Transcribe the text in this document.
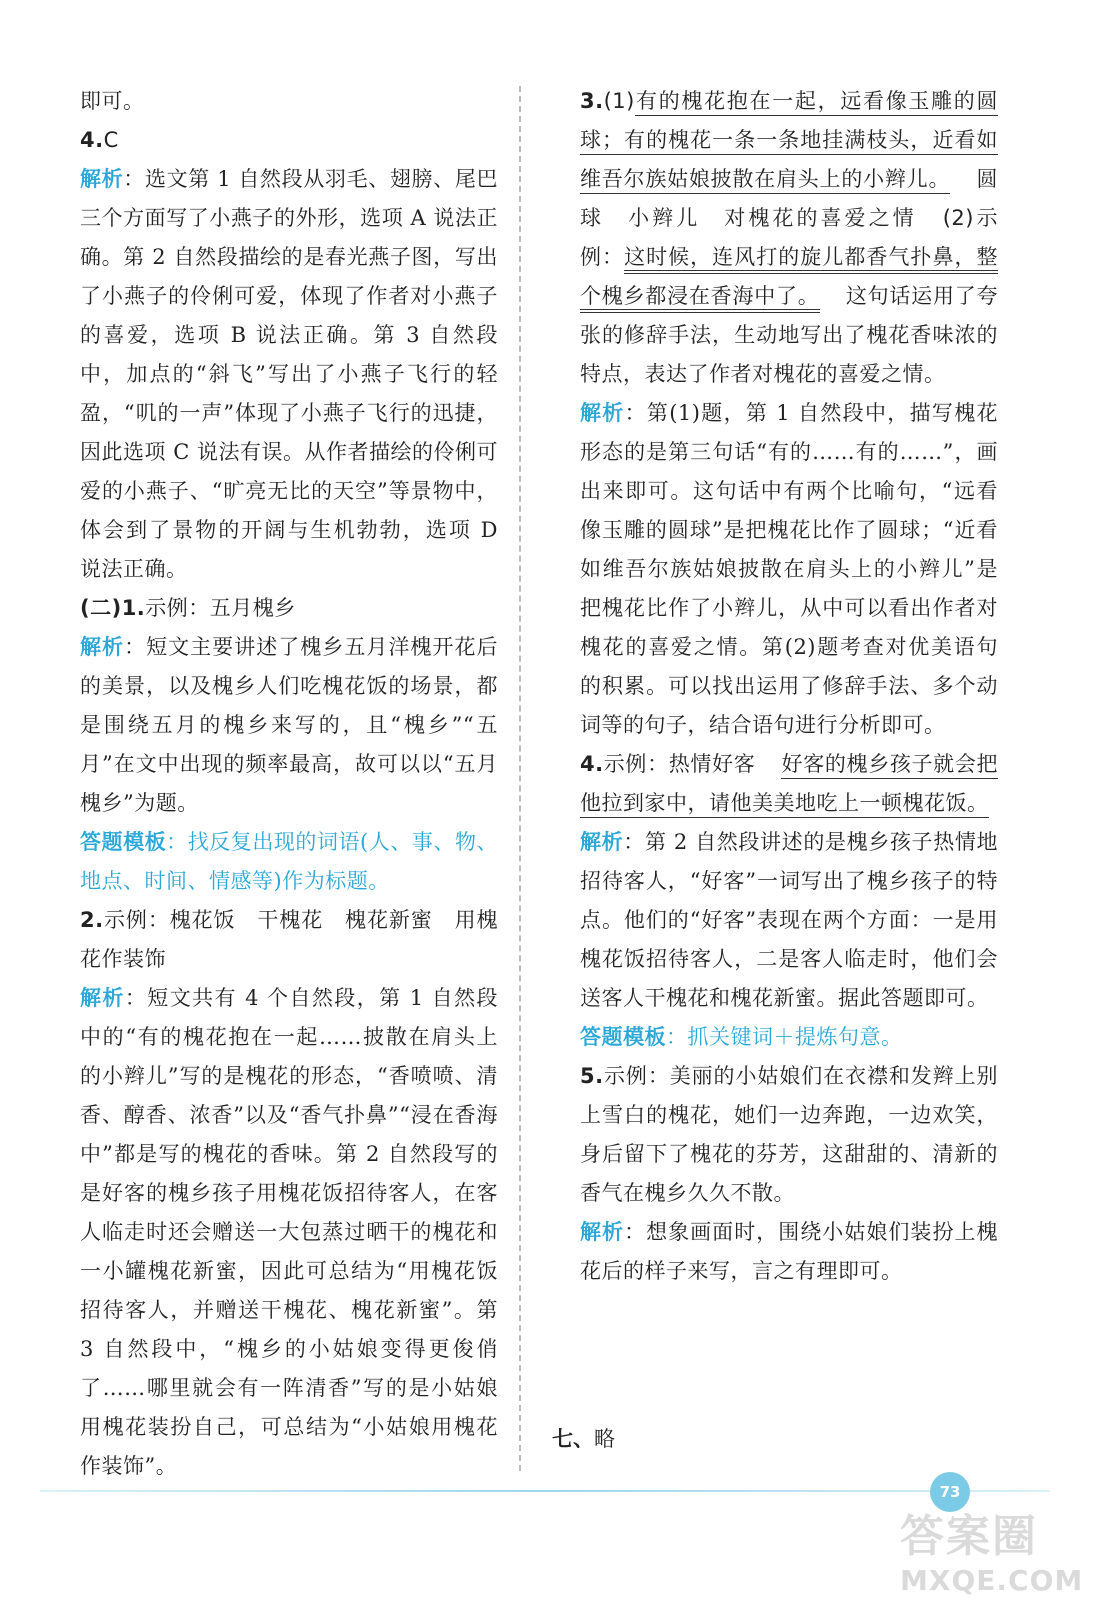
即可。

4.C

解析：选文第 1 自然段从羽毛、翅膀、尾巴三个方面写了小燕子的外形，选项 A 说法正确。第 2 自然段描绘的是春光燕子图，写出了小燕子的伶俐可爱，体现了作者对小燕子的喜爱，选项 B 说法正确。第 3 自然段中，加点的“斜飞”写出了小燕子飞行的轻盈，“叽的一声”体现了小燕子飞行的迅捷，因此选项 C 说法有误。从作者描绘的伶俐可爱的小燕子、“旷亮无比的天空”等景物中，体会到了景物的开阔与生机勃勃，选项 D 说法正确。

(二)1.示例：五月槐乡

解析：短文主要讲述了槐乡五月洋槐开花后的美景，以及槐乡人们吃槐花饭的场景，都是围绕五月的槐乡来写的，且“槐乡”“五月”在文中出现的频率最高，故可以以“五月槐乡”为题。

答题模板：找反复出现的词语(人、事、物、地点、时间、情感等)作为标题。

2.示例：槐花饭　干槐花　槐花新蜜　用槐花作装饰

解析：短文共有 4 个自然段，第 1 自然段中的“有的槐花抱在一起……披散在肩头上的小辫儿”写的是槐花的形态，“香喷喷、清香、醇香、浓香”以及“香气扑鼻”“浸在香海中”都是写的槐花的香味。第 2 自然段写的是好客的槐乡孩子用槐花饭招待客人，在客人临走时还会赠送一大包蒸过晒干的槐花和一小罐槐花新蜜，因此可总结为“用槐花饭招待客人，并赠送干槐花、槐花新蜜”。第 3 自然段中，“槐乡的小姑娘变得更俊俏了……哪里就会有一阵清香”写的是小姑娘用槐花装扮自己，可总结为“小姑娘用槐花作装饰”。

3.(1)有的槐花抱在一起，远看像玉雕的圆球；有的槐花一条一条地挂满枝头，近看如维吾尔族姑娘披散在肩头上的小辫儿。 圆球　小辫儿　对槐花的喜爱之情 (2)示例：这时候，连风打的旋儿都香气扑鼻，整个槐乡都浸在香海中了。 这句话运用了夸张的修辞手法，生动地写出了槐花香味浓的特点，表达了作者对槐花的喜爱之情。

解析：第(1)题，第 1 自然段中，描写槐花形态的是第三句话“有的……有的……”，画出来即可。这句话中有两个比喻句，“远看像玉雕的圆球”是把槐花比作了圆球；“近看如维吾尔族姑娘披散在肩头上的小辫儿”是把槐花比作了小辫儿，从中可以看出作者对槐花的喜爱之情。第(2)题考查对优美语句的积累。可以找出运用了修辞手法、多个动词等的句子，结合语句进行分析即可。

4.示例：热情好客 好客的槐乡孩子就会把他拉到家中，请他美美地吃上一顿槐花饭。

解析：第 2 自然段讲述的是槐乡孩子热情地招待客人，“好客”一词写出了槐乡孩子的特点。他们的“好客”表现在两个方面：一是用槐花饭招待客人，二是客人临走时，他们会送客人干槐花和槐花新蜜。据此答题即可。

答题模板：抓关键词＋提炼句意。

5.示例：美丽的小姑娘们在衣襟和发辫上别上雪白的槐花，她们一边奔跑，一边欢笑，身后留下了槐花的芬芳，这甜甜的、清新的香气在槐乡久久不散。

解析：想象画面时，围绕小姑娘们装扮上槐花后的样子来写，言之有理即可。

七、略
73
答案圈
MXQE.COM
